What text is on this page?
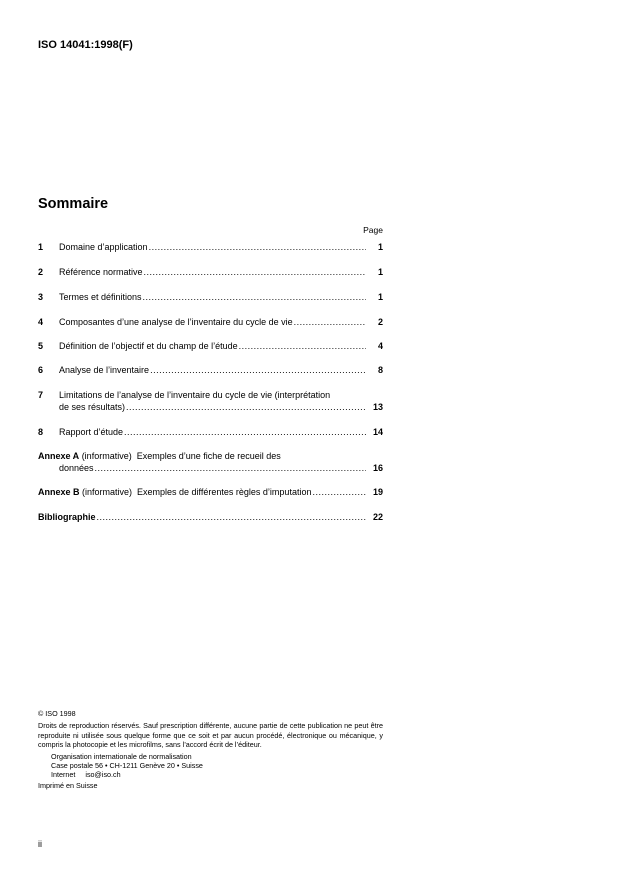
ISO 14041:1998(F)
Sommaire
Page
1	Domaine d’application .....	1
2	Référence normative .....	1
3	Termes et définitions .....	1
4	Composantes d’une analyse de l’inventaire du cycle de vie .....	2
5	Définition de l’objectif et du champ de l’étude .....	4
6	Analyse de l’inventaire .....	8
7	Limitations de l’analyse de l’inventaire du cycle de vie (interprétation
de ses résultats) .....	13
8	Rapport d’étude .....	14
Annexe A (informative)  Exemples d’une fiche de recueil des
données .....	16
Annexe B (informative)  Exemples de différentes règles d’imputation .....	19
Bibliographie .....	22

© ISO 1998

Droits de reproduction réservés. Sauf prescription différente, aucune partie de cette publication ne peut être reproduite ni utilisée sous quelque forme que ce soit et par aucun procédé, électronique ou mécanique, y compris la photocopie et les microfilms, sans l’accord écrit de l’éditeur.

Organisation internationale de normalisation

Case postale 56 • CH-1211 Genève 20 • Suisse

Internet     iso@iso.ch

Imprimé en Suisse

ii
